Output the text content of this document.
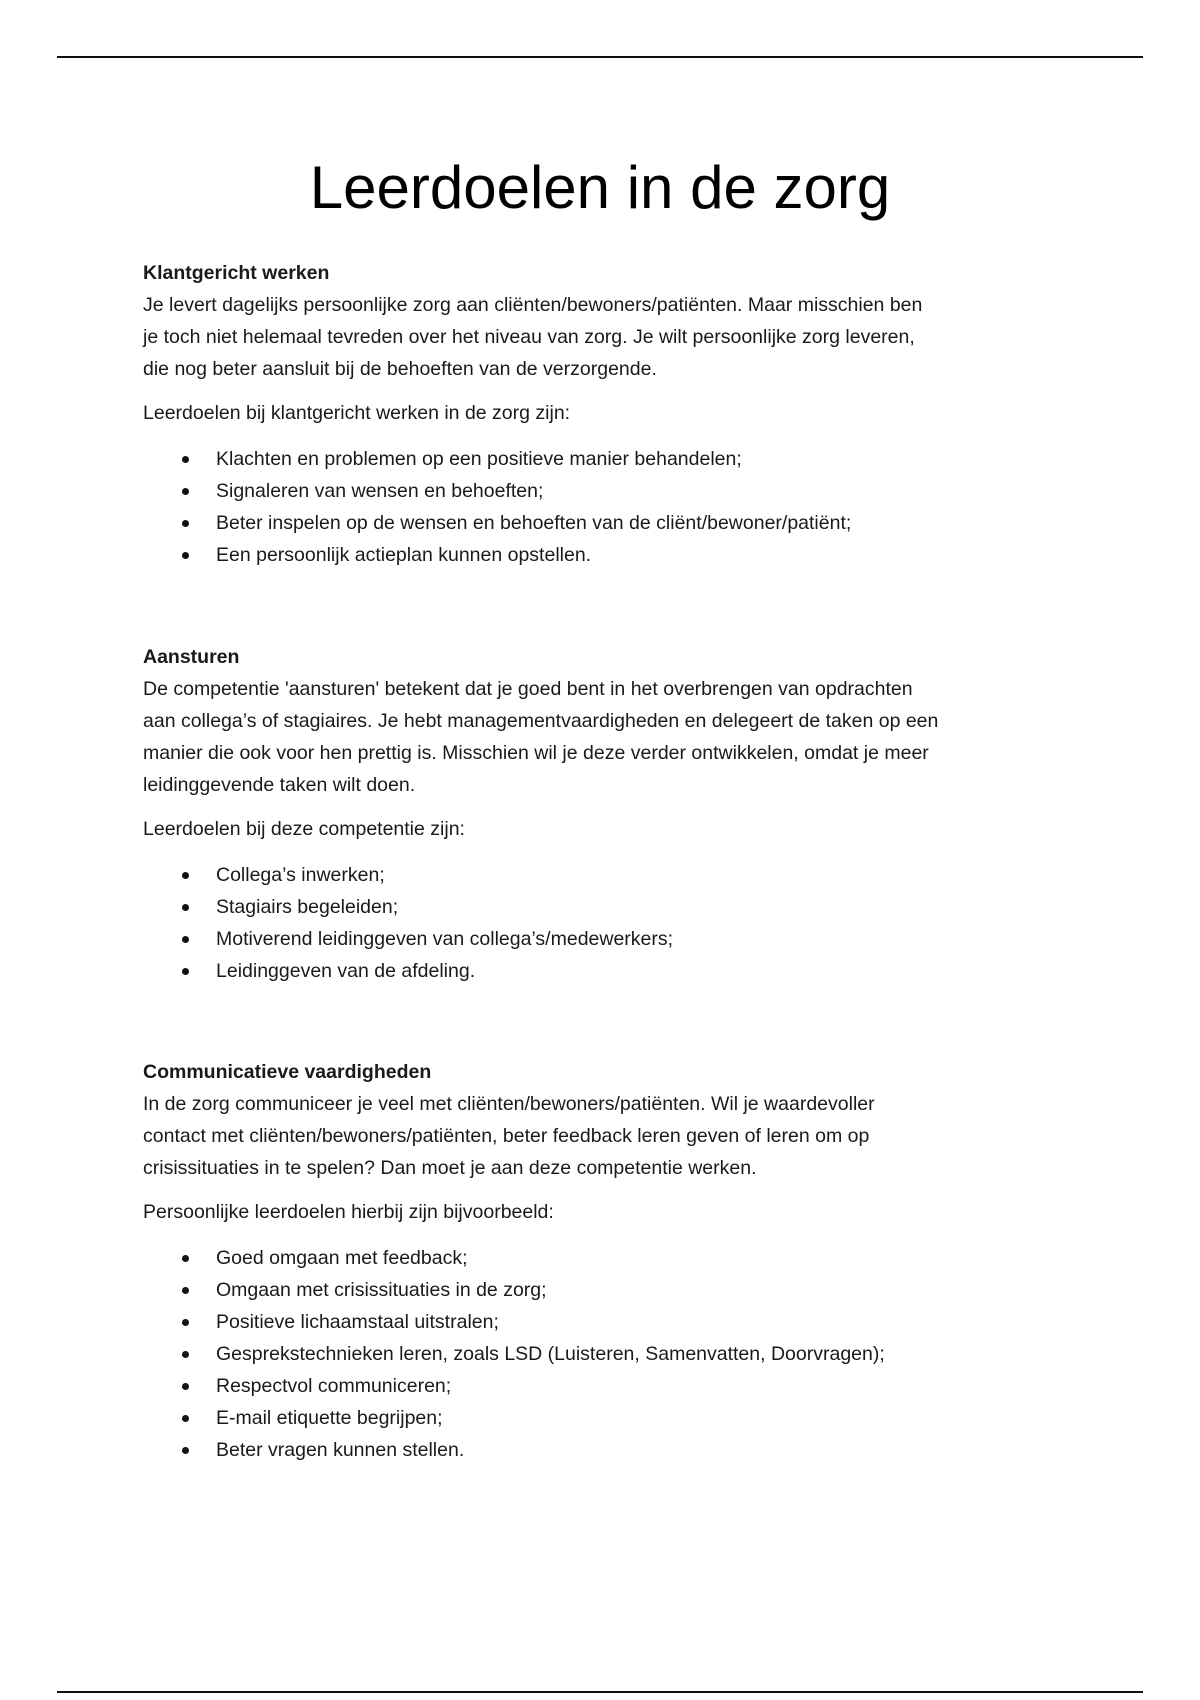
Leerdoelen in de zorg

Klantgericht werken

Je levert dagelijks persoonlijke zorg aan cliënten/bewoners/patiënten. Maar misschien ben
je toch niet helemaal tevreden over het niveau van zorg. Je wilt persoonlijke zorg leveren,
die nog beter aansluit bij de behoeften van de verzorgende.

Leerdoelen bij klantgericht werken in de zorg zijn:

Klachten en problemen op een positieve manier behandelen;
Signaleren van wensen en behoeften;
Beter inspelen op de wensen en behoeften van de cliënt/bewoner/patiënt;
Een persoonlijk actieplan kunnen opstellen.

Aansturen

De competentie 'aansturen' betekent dat je goed bent in het overbrengen van opdrachten
aan collega’s of stagiaires. Je hebt managementvaardigheden en delegeert de taken op een
manier die ook voor hen prettig is. Misschien wil je deze verder ontwikkelen, omdat je meer
leidinggevende taken wilt doen.

Leerdoelen bij deze competentie zijn:

Collega’s inwerken;
Stagiairs begeleiden;
Motiverend leidinggeven van collega’s/medewerkers;
Leidinggeven van de afdeling.

Communicatieve vaardigheden

In de zorg communiceer je veel met cliënten/bewoners/patiënten. Wil je waardevoller
contact met cliënten/bewoners/patiënten, beter feedback leren geven of leren om op
crisissituaties in te spelen? Dan moet je aan deze competentie werken.

Persoonlijke leerdoelen hierbij zijn bijvoorbeeld:

Goed omgaan met feedback;
Omgaan met crisissituaties in de zorg;
Positieve lichaamstaal uitstralen;
Gesprekstechnieken leren, zoals LSD (Luisteren, Samenvatten, Doorvragen);
Respectvol communiceren;
E-mail etiquette begrijpen;
Beter vragen kunnen stellen.
